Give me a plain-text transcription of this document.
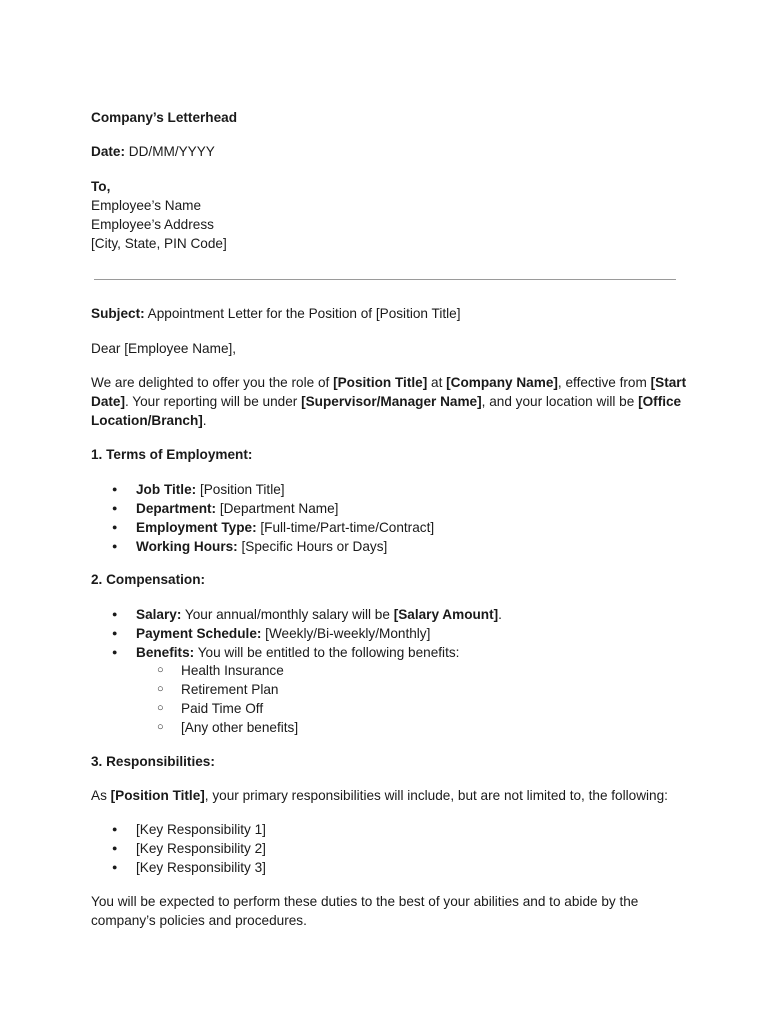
Company’s Letterhead

Date: DD/MM/YYYY

To,
Employee’s Name
Employee’s Address
[City, State, PIN Code]

Subject: Appointment Letter for the Position of [Position Title]

Dear [Employee Name],

We are delighted to offer you the role of [Position Title] at [Company Name], effective from [Start Date]. Your reporting will be under [Supervisor/Manager Name], and your location will be [Office Location/Branch].

1. Terms of Employment:

● Job Title: [Position Title]
● Department: [Department Name]
● Employment Type: [Full-time/Part-time/Contract]
● Working Hours: [Specific Hours or Days]

2. Compensation:

● Salary: Your annual/monthly salary will be [Salary Amount].
● Payment Schedule: [Weekly/Bi-weekly/Monthly]
● Benefits: You will be entitled to the following benefits:
○ Health Insurance
○ Retirement Plan
○ Paid Time Off
○ [Any other benefits]

3. Responsibilities:

As [Position Title], your primary responsibilities will include, but are not limited to, the following:

● [Key Responsibility 1]
● [Key Responsibility 2]
● [Key Responsibility 3]

You will be expected to perform these duties to the best of your abilities and to abide by the company’s policies and procedures.
